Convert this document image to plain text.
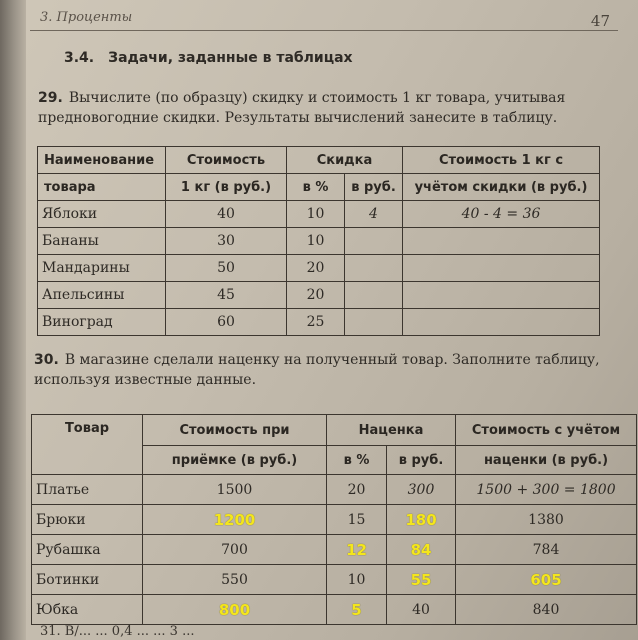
3. Проценты	47
3.4. Задачи, заданные в таблицах
29. Вычислите (по образцу) скидку и стоимость 1 кг товара, учитывая предновогодние скидки. Результаты вычислений занесите в таблицу.
Наименование	Стоимость	Скидка		Стоимость 1 кг с
товара	1 кг (в руб.)	в %	в руб.	учётом скидки (в руб.)
Яблоки	40	10	4	40 - 4 = 36
Бананы	30	10		
Мандарины	50	20		
Апельсины	45	20		
Виноград	60	25		
30. В магазине сделали наценку на полученный товар. Заполните таблицу, используя известные данные.
Товар	Стоимость при	Наценка		Стоимость с учётом
	приёмке (в руб.)	в %	в руб.	наценки (в руб.)
Платье	1500	20	300	1500 + 300 = 1800
Брюки	1200	15	180	1380
Рубашка	700	12	84	784
Ботинки	550	10	55	605
Юбка	800	5	40	840
31. В/... ... 0,4 ... ... 3 ...
